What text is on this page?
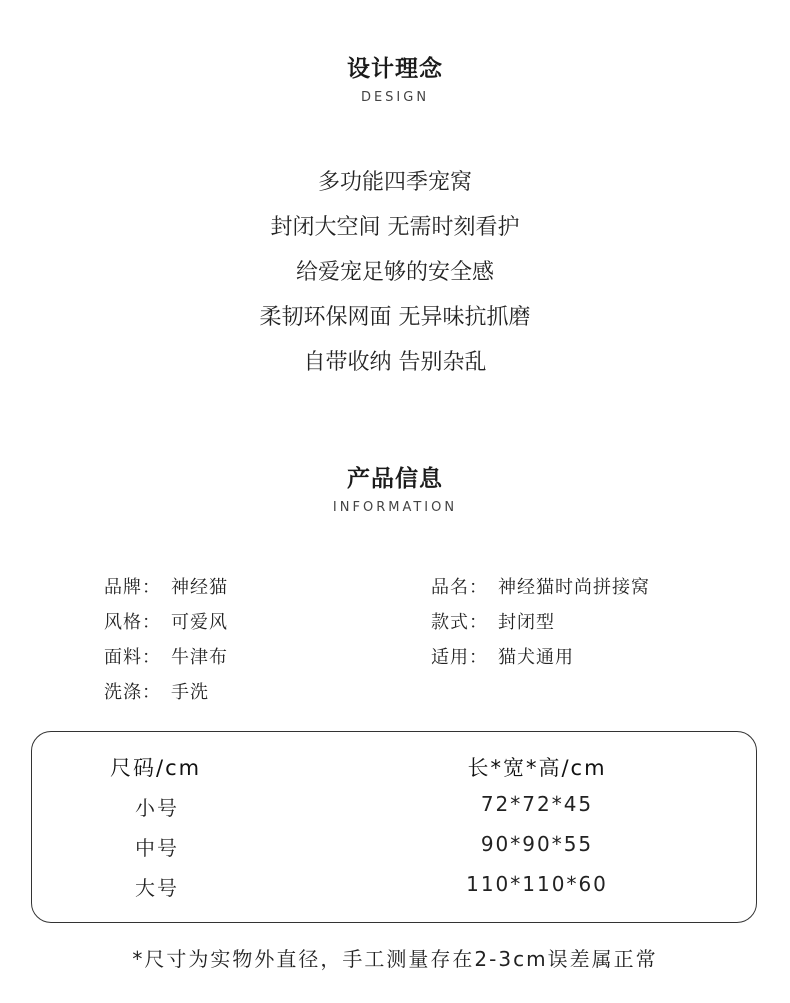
设计理念
DESIGN
多功能四季宠窝
封闭大空间 无需时刻看护
给爱宠足够的安全感
柔韧环保网面 无异味抗抓磨
自带收纳 告别杂乱
产品信息
INFORMATION
品牌： 神经猫	品名： 神经猫时尚拼接窝
风格： 可爱风	款式： 封闭型
面料： 牛津布	适用： 猫犬通用
洗涤： 手洗
尺码/cm	长*宽*高/cm
小号	72*72*45
中号	90*90*55
大号	110*110*60
*尺寸为实物外直径，手工测量存在2-3cm误差属正常
